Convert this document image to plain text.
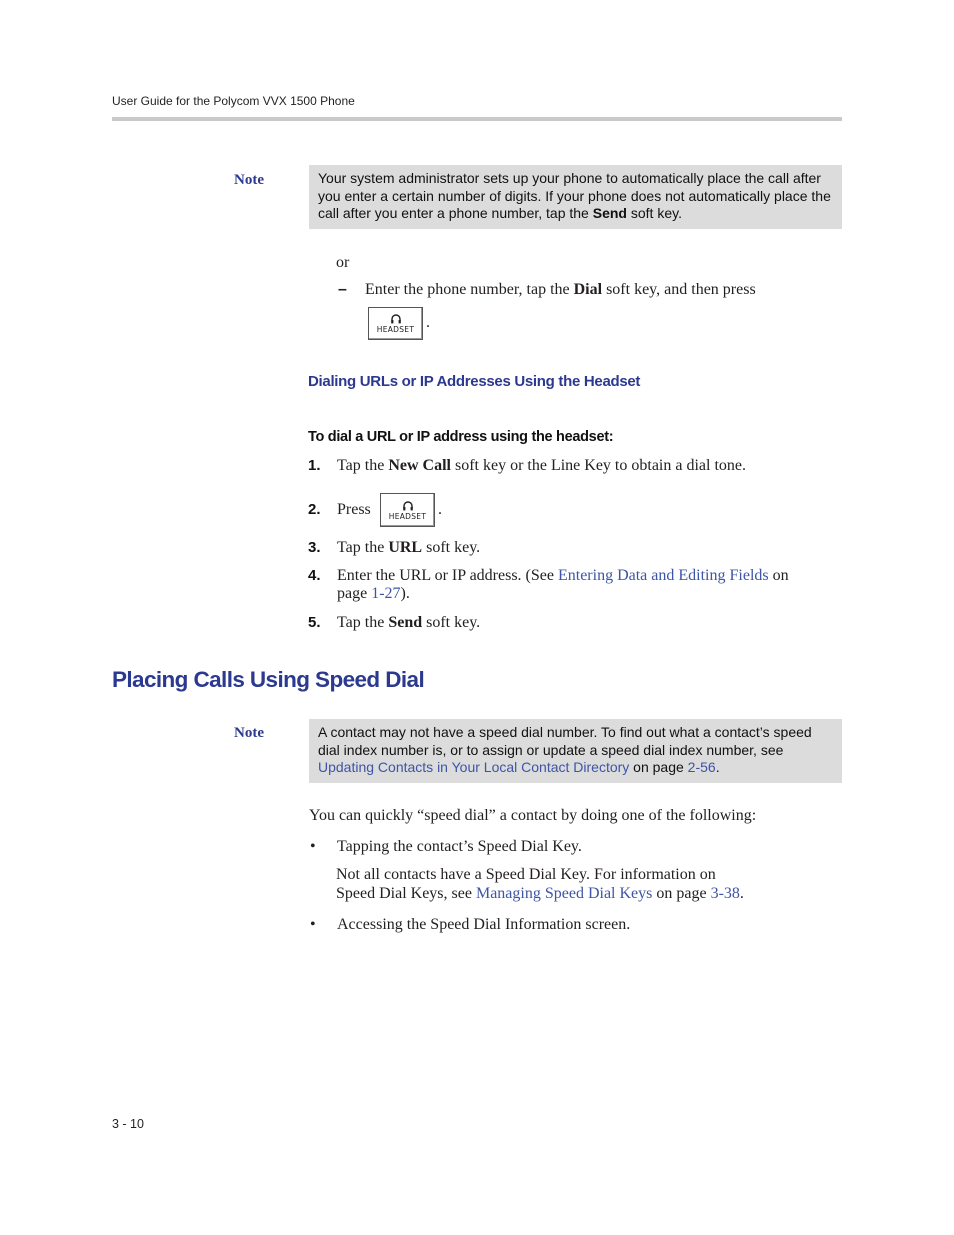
User Guide for the Polycom VVX 1500 Phone
Note	Your system administrator sets up your phone to automatically place the call after you enter a certain number of digits. If your phone does not automatically place the call after you enter a phone number, tap the Send soft key.
or
– Enter the phone number, tap the Dial soft key, and then press
HEADSET .
Dialing URLs or IP Addresses Using the Headset
To dial a URL or IP address using the headset:
1. Tap the New Call soft key or the Line Key to obtain a dial tone.
2. Press HEADSET .
3. Tap the URL soft key.
4. Enter the URL or IP address. (See Entering Data and Editing Fields on
page 1-27).
5. Tap the Send soft key.
Placing Calls Using Speed Dial
Note	A contact may not have a speed dial number. To find out what a contact’s speed dial index number is, or to assign or update a speed dial index number, see Updating Contacts in Your Local Contact Directory on page 2-56.
You can quickly “speed dial” a contact by doing one of the following:
• Tapping the contact’s Speed Dial Key.
Not all contacts have a Speed Dial Key. For information on
Speed Dial Keys, see Managing Speed Dial Keys on page 3-38.
• Accessing the Speed Dial Information screen.
3 - 10
